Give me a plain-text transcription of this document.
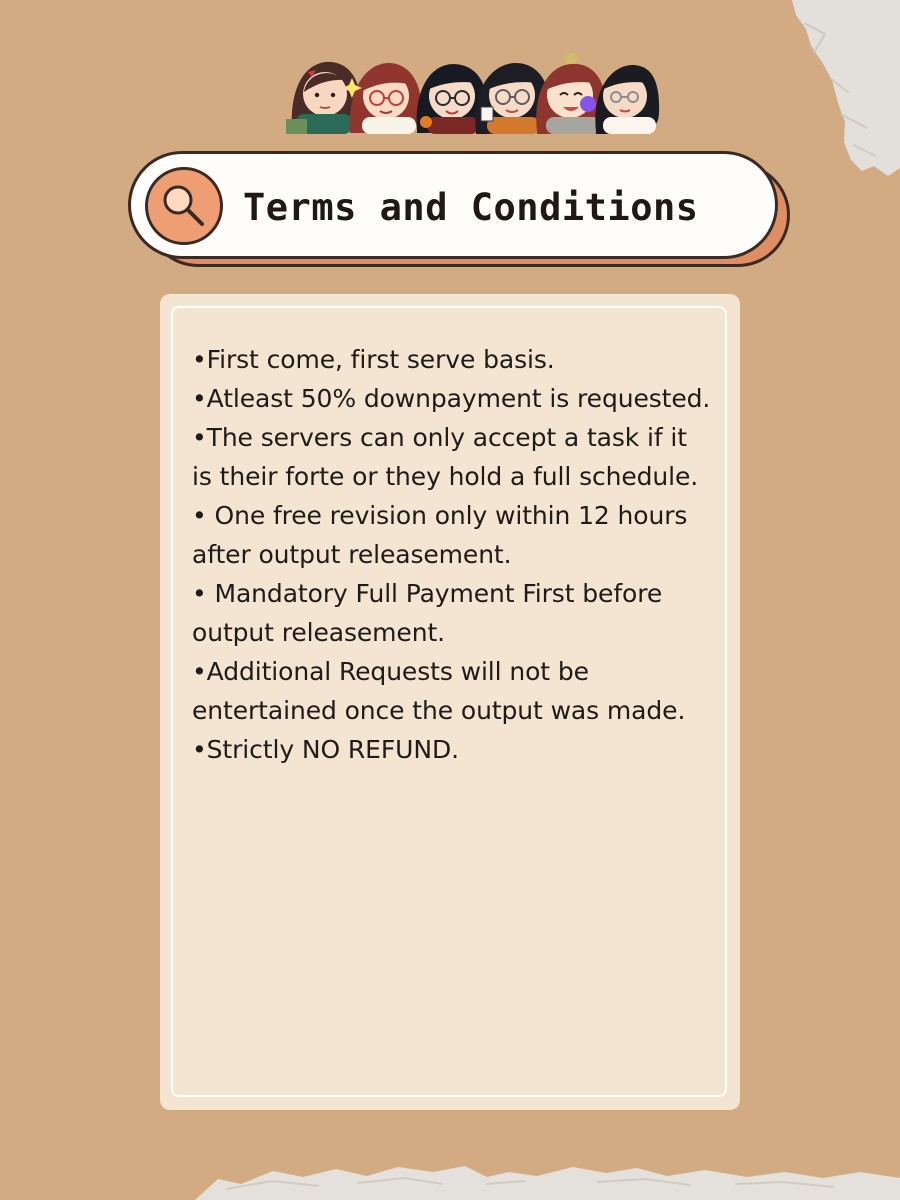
Terms and Conditions
•First come, first serve basis.
•Atleast 50% downpayment is requested.
•The servers can only accept a task if it is their forte or they hold a full schedule.
• One free revision only within 12 hours after output releasement.
• Mandatory Full Payment First before output releasement.
•Additional Requests will not be entertained once the output was made.
•Strictly NO REFUND.
